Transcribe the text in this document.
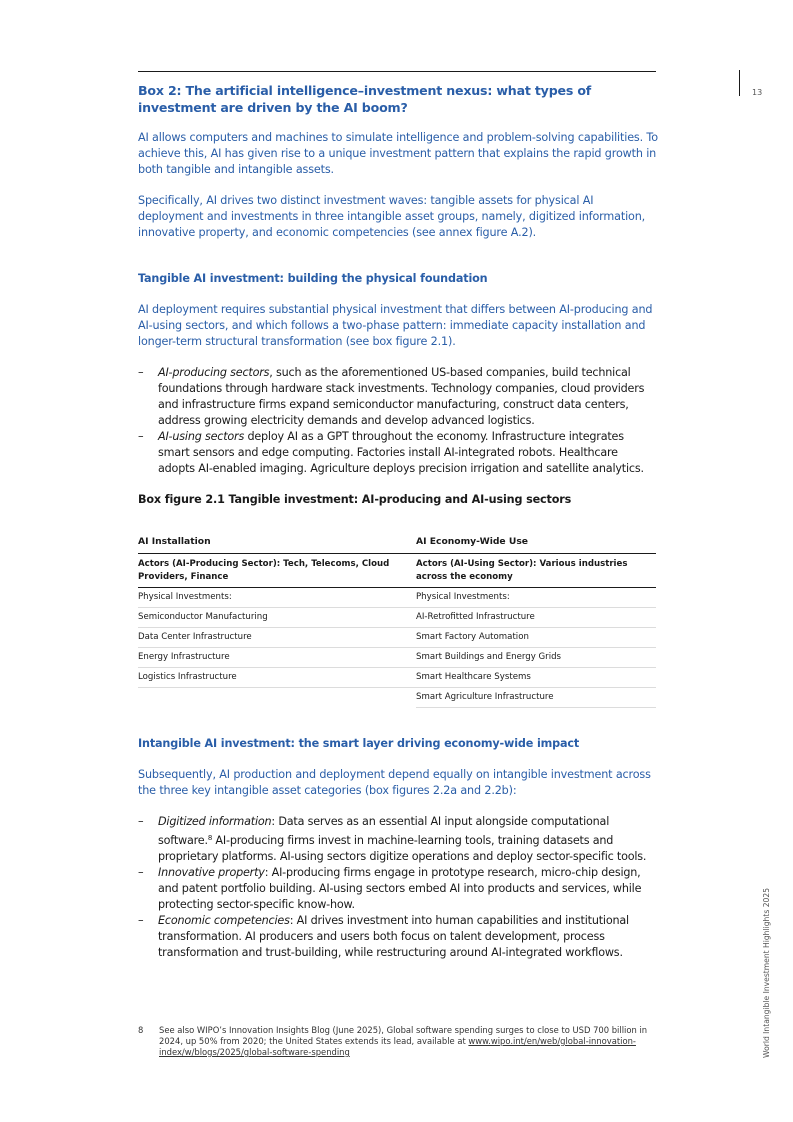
13
World Intangible Investment Highlights 2025
Box 2: The artificial intelligence–investment nexus: what types of investment are driven by the AI boom?

AI allows computers and machines to simulate intelligence and problem-solving capabilities. To achieve this, AI has given rise to a unique investment pattern that explains the rapid growth in both tangible and intangible assets.

Specifically, AI drives two distinct investment waves: tangible assets for physical AI deployment and investments in three intangible asset groups, namely, digitized information, innovative property, and economic competencies (see annex figure A.2).

Tangible AI investment: building the physical foundation

AI deployment requires substantial physical investment that differs between AI-producing and AI-using sectors, and which follows a two-phase pattern: immediate capacity installation and longer-term structural transformation (see box figure 2.1).

– AI-producing sectors, such as the aforementioned US-based companies, build technical foundations through hardware stack investments. Technology companies, cloud providers and infrastructure firms expand semiconductor manufacturing, construct data centers, address growing electricity demands and develop advanced logistics.
– AI-using sectors deploy AI as a GPT throughout the economy. Infrastructure integrates smart sensors and edge computing. Factories install AI-integrated robots. Healthcare adopts AI-enabled imaging. Agriculture deploys precision irrigation and satellite analytics.
Box figure 2.1 Tangible investment: AI-producing and AI-using sectors
AI Installation	AI Economy-Wide Use
Actors (AI-Producing Sector): Tech, Telecoms, Cloud Providers, Finance	Actors (AI-Using Sector): Various industries across the economy
Physical Investments:	Physical Investments:
Semiconductor Manufacturing	AI-Retrofitted Infrastructure
Data Center Infrastructure	Smart Factory Automation
Energy Infrastructure	Smart Buildings and Energy Grids
Logistics Infrastructure	Smart Healthcare Systems
	Smart Agriculture Infrastructure
Intangible AI investment: the smart layer driving economy-wide impact

Subsequently, AI production and deployment depend equally on intangible investment across the three key intangible asset categories (box figures 2.2a and 2.2b):

– Digitized information: Data serves as an essential AI input alongside computational software.$^8$ AI-producing firms invest in machine-learning tools, training datasets and proprietary platforms. AI-using sectors digitize operations and deploy sector-specific tools.
– Innovative property: AI-producing firms engage in prototype research, micro-chip design, and patent portfolio building. AI-using sectors embed AI into products and services, while protecting sector-specific know-how.
– Economic competencies: AI drives investment into human capabilities and institutional transformation. AI producers and users both focus on talent development, process transformation and trust-building, while restructuring around AI-integrated workflows.
8	See also WIPO’s Innovation Insights Blog (June 2025), Global software spending surges to close to USD 700 billion in 2024, up 50% from 2020; the United States extends its lead, available at www.wipo.int/en/web/global-innovation-index/w/blogs/2025/global-software-spending
